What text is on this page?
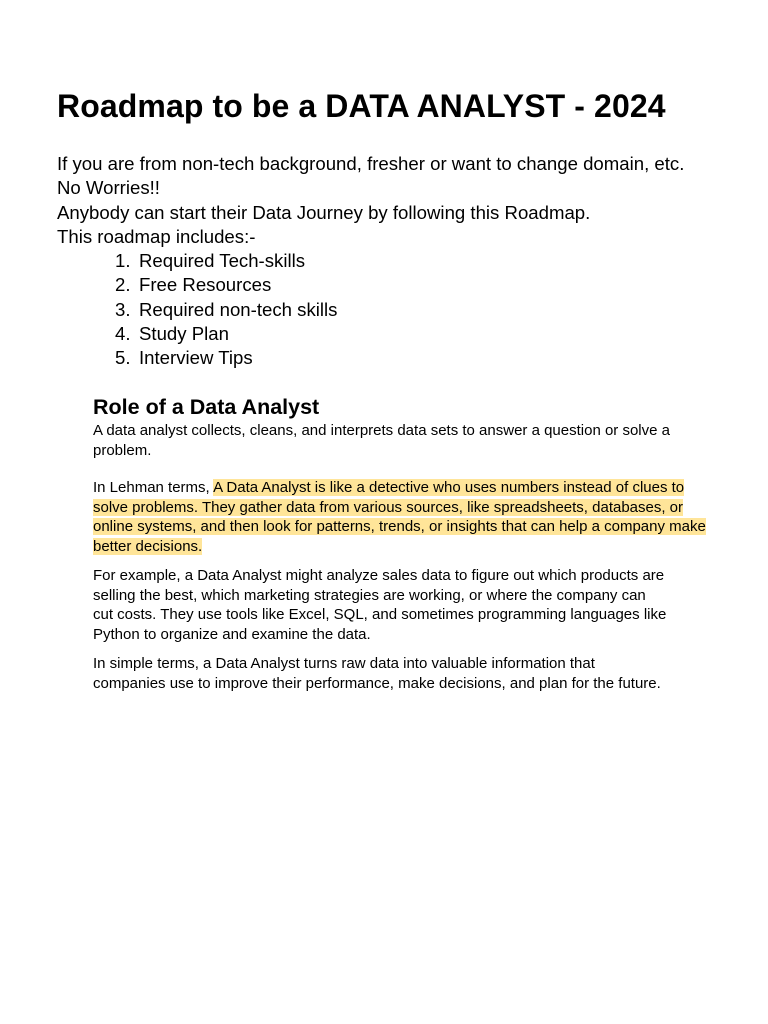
Roadmap to be a DATA ANALYST - 2024

If you are from non-tech background, fresher or want to change domain, etc.

No Worries!!

Anybody can start their Data Journey by following this Roadmap.

This roadmap includes:-

1. Required Tech-skills
2. Free Resources
3. Required non-tech skills
4. Study Plan
5. Interview Tips
Role of a Data Analyst

A data analyst collects, cleans, and interprets data sets to answer a question or solve a problem.

In Lehman terms, A Data Analyst is like a detective who uses numbers instead of clues to solve problems. They gather data from various sources, like spreadsheets, databases, or online systems, and then look for patterns, trends, or insights that can help a company make better decisions.

For example, a Data Analyst might analyze sales data to figure out which products are selling the best, which marketing strategies are working, or where the company can cut costs. They use tools like Excel, SQL, and sometimes programming languages like Python to organize and examine the data.

In simple terms, a Data Analyst turns raw data into valuable information that companies use to improve their performance, make decisions, and plan for the future.
